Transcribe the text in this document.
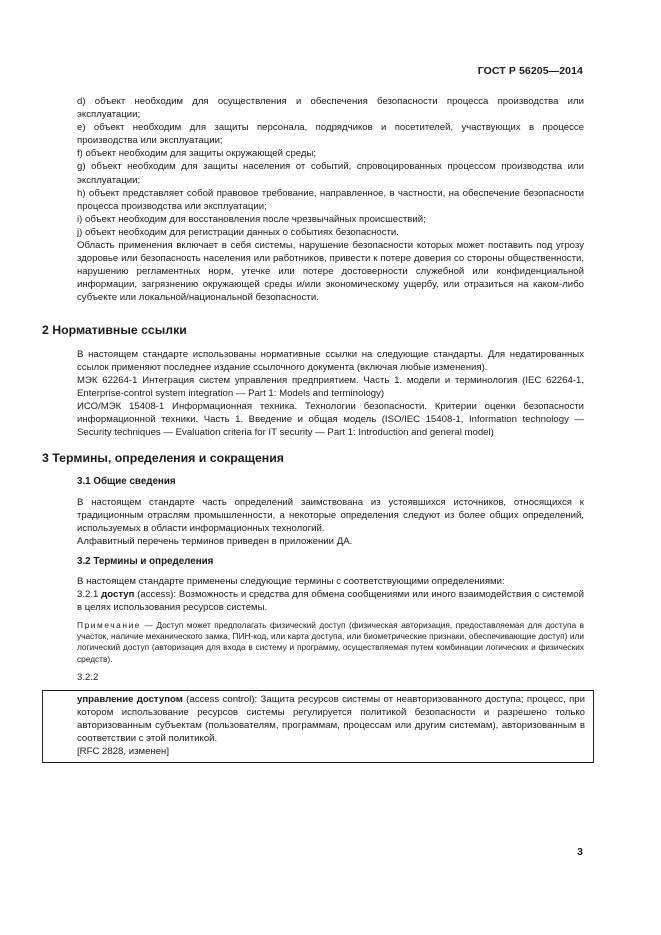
ГОСТ Р 56205—2014

d) объект необходим для осуществления и обеспечения безопасности процесса производства или эксплуатации;

e) объект необходим для защиты персонала, подрядчиков и посетителей, участвующих в процессе производства или эксплуатации;

f) объект необходим для защиты окружающей среды;

g) объект необходим для защиты населения от событий, спровоцированных процессом производства или эксплуатации;

h) объект представляет собой правовое требование, направленное, в частности, на обеспечение безопасности процесса производства или эксплуатации;

i) объект необходим для восстановления после чрезвычайных происшествий;

j) объект необходим для регистрации данных о событиях безопасности.

Область применения включает в себя системы, нарушение безопасности которых может поставить под угрозу здоровье или безопасность населения или работников, привести к потере доверия со стороны общественности, нарушению регламентных норм, утечке или потере достоверности служебной или конфиденциальной информации, загрязнению окружающей среды и/или экономическому ущербу, или отразиться на каком-либо субъекте или локальной/национальной безопасности.

2 Нормативные ссылки

В настоящем стандарте использованы нормативные ссылки на следующие стандарты. Для недатированных ссылок применяют последнее издание ссылочного документа (включая любые изменения).

МЭК 62264-1 Интеграция систем управления предприятием. Часть 1. модели и терминология (IEC 62264-1, Enterprise-control system integration — Part 1: Models and terminology)

ИСО/МЭК 15408-1 Информационная техника. Технологии безопасности. Критерии оценки безопасности информационной техники. Часть 1. Введение и общая модель (ISO/IEC 15408-1, Information technology — Security techniques — Evaluation criteria for IT security — Part 1: Introduction and general model)

3 Термины, определения и сокращения
3.1 Общие сведения

В настоящем стандарте часть определений заимствована из устоявшихся источников, относящихся к традиционным отраслям промышленности, а некоторые определения следуют из более общих определений, используемых в области информационных технологий.

Алфавитный перечень терминов приведен в приложении ДА.

3.2 Термины и определения

В настоящем стандарте применены следующие термины с соответствующими определениями:

3.2.1 доступ (access): Возможность и средства для обмена сообщениями или иного взаимодействия с системой в целях использования ресурсов системы.

Примечание — Доступ может предполагать физический доступ (физическая авторизация, предоставляемая для доступа в участок, наличие механического замка, ПИН-код, или карта доступа, или биометрические признаки, обеспечивающие доступ) или логический доступ (авторизация для входа в систему и программу, осуществляемая путем комбинации логических и физических средств).

3.2.2

управление доступом (access control): Защита ресурсов системы от неавторизованного доступа; процесс, при котором использование ресурсов системы регулируется политикой безопасности и разрешено только авторизованным субъектам (пользователям, программам, процессам или другим системам), авторизованным в соответствии с этой политикой.

[RFC 2828, изменен]

3
